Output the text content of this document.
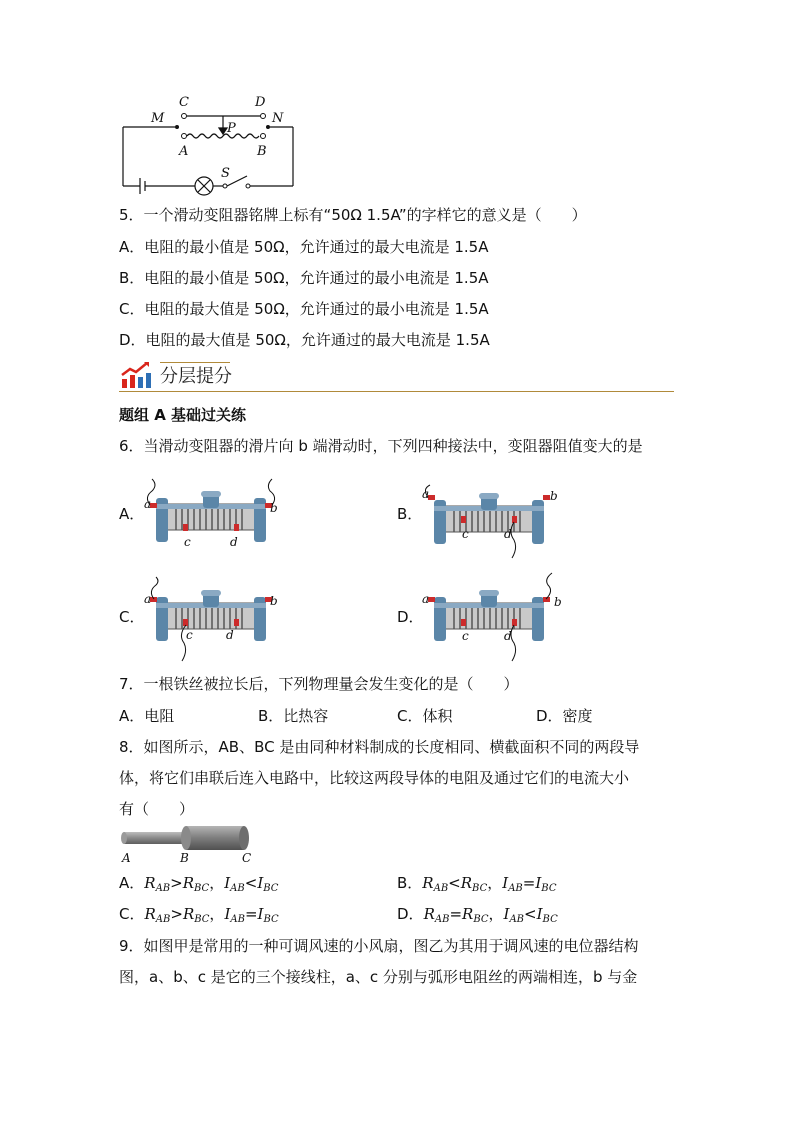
M
C	D
N
P
A	B
S
5．一个滑动变阻器铭牌上标有“50Ω 1.5A”的字样它的意义是（　　）
A．电阻的最小值是 50Ω，允许通过的最大电流是 1.5A
B．电阻的最小值是 50Ω，允许通过的最小电流是 1.5A
C．电阻的最大值是 50Ω，允许通过的最小电流是 1.5A
D．电阻的最大值是 50Ω，允许通过的最大电流是 1.5A
分层提分
题组 A 基础过关练
6．当滑动变阻器的滑片向 b 端滑动时，下列四种接法中，变阻器阻值变大的是
A．	B．
C．	D．
a	b
c	d
a	b
c	d
a	b
c	d
a	b
c	d
7．一根铁丝被拉长后，下列物理量会发生变化的是（　　）
A．电阻	B．比热容	C．体积	D．密度
8．如图所示，AB、BC 是由同种材料制成的长度相同、横截面积不同的两段导
体，将它们串联后连入电路中，比较这两段导体的电阻及通过它们的电流大小
有（　　）
A	B	C
A．$R_{AB}>R_{BC}$，$I_{AB}<I_{BC}$	B．$R_{AB}<R_{BC}$，$I_{AB}=I_{BC}$
C．$R_{AB}>R_{BC}$，$I_{AB}=I_{BC}$	D．$R_{AB}=R_{BC}$，$I_{AB}<I_{BC}$
9．如图甲是常用的一种可调风速的小风扇，图乙为其用于调风速的电位器结构
图，a、b、c 是它的三个接线柱，a、c 分别与弧形电阻丝的两端相连，b 与金
